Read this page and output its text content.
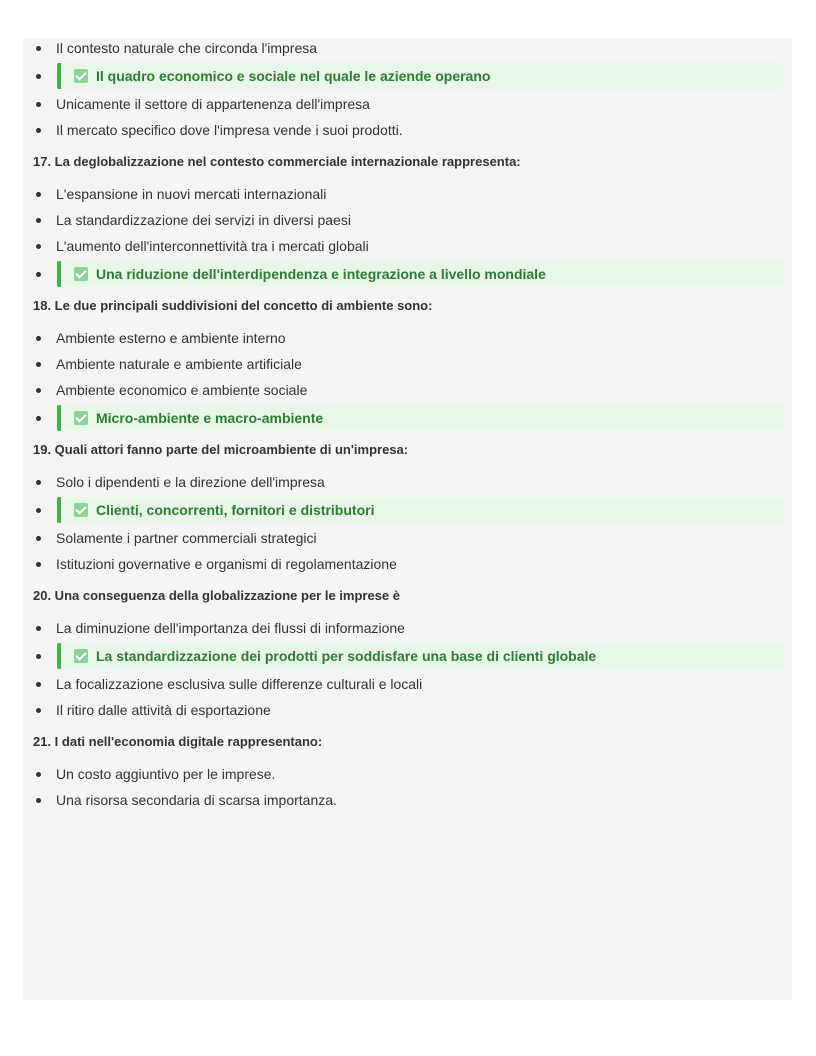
Il contesto naturale che circonda l'impresa
Il quadro economico e sociale nel quale le aziende operano
Unicamente il settore di appartenenza dell'impresa
Il mercato specifico dove l'impresa vende i suoi prodotti.
17. La deglobalizzazione nel contesto commerciale internazionale rappresenta:
L'espansione in nuovi mercati internazionali
La standardizzazione dei servizi in diversi paesi
L'aumento dell'interconnettività tra i mercati globali
Una riduzione dell'interdipendenza e integrazione a livello mondiale
18. Le due principali suddivisioni del concetto di ambiente sono:
Ambiente esterno e ambiente interno
Ambiente naturale e ambiente artificiale
Ambiente economico e ambiente sociale
Micro-ambiente e macro-ambiente
19. Quali attori fanno parte del microambiente di un'impresa:
Solo i dipendenti e la direzione dell'impresa
Clienti, concorrenti, fornitori e distributori
Solamente i partner commerciali strategici
Istituzioni governative e organismi di regolamentazione
20. Una conseguenza della globalizzazione per le imprese è
La diminuzione dell'importanza dei flussi di informazione
La standardizzazione dei prodotti per soddisfare una base di clienti globale
La focalizzazione esclusiva sulle differenze culturali e locali
Il ritiro dalle attività di esportazione
21. I dati nell'economia digitale rappresentano:
Un costo aggiuntivo per le imprese.
Una risorsa secondaria di scarsa importanza.
